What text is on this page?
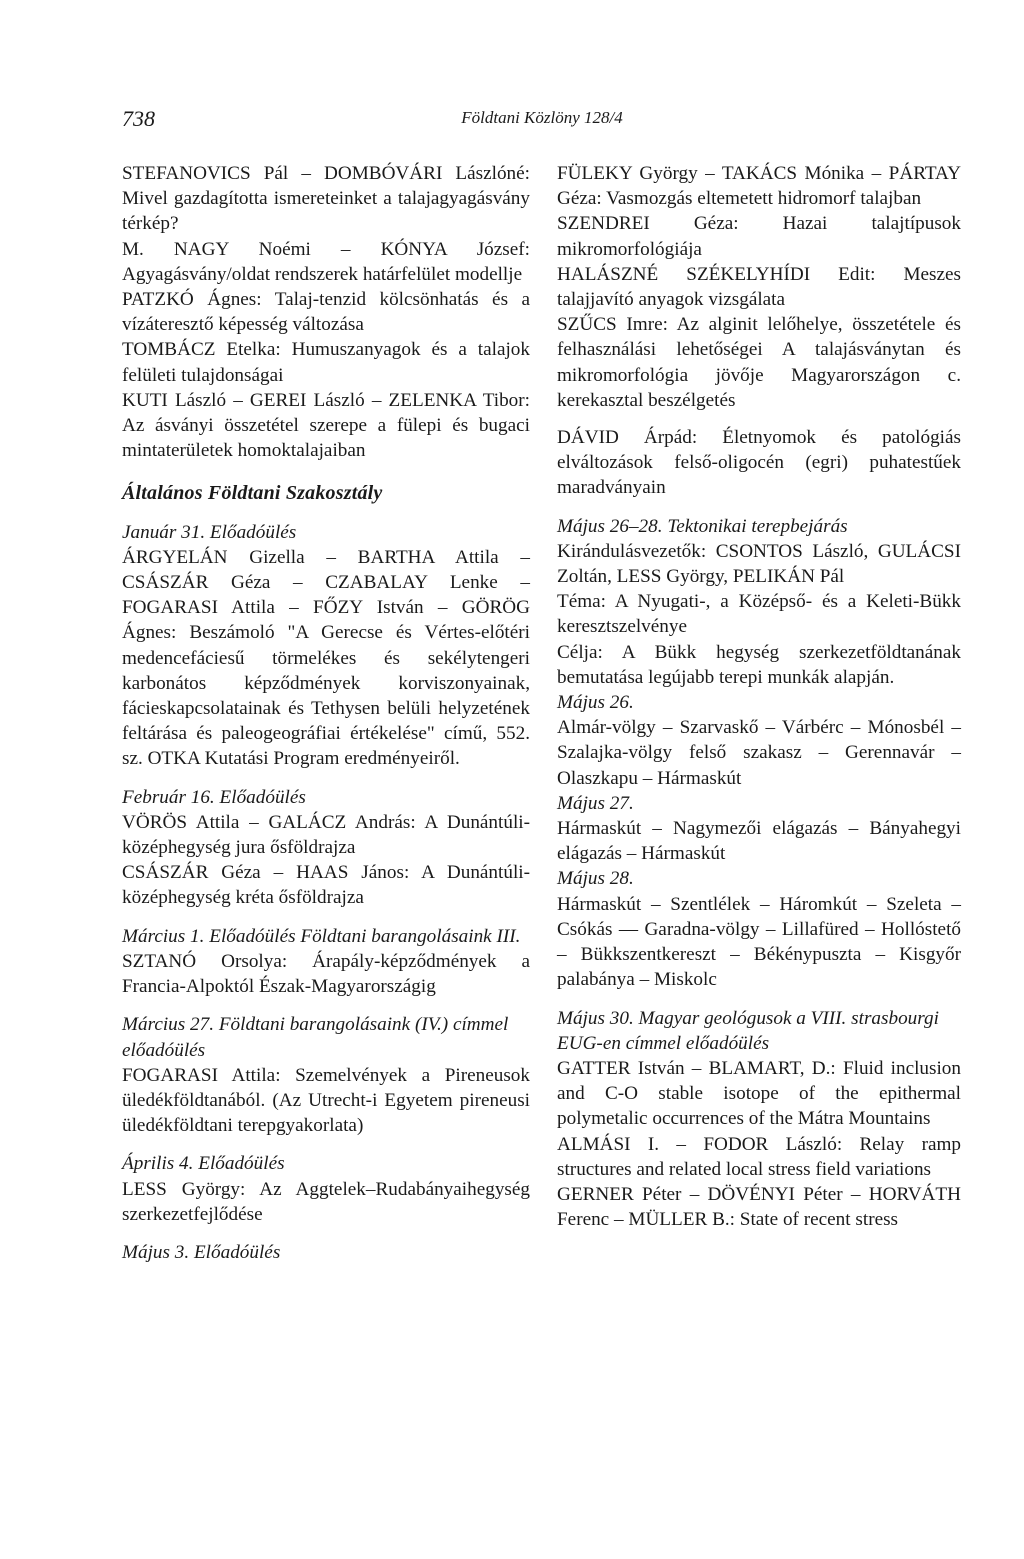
738	Földtani Közlöny 128/4
STEFANOVICS Pál – DOMBÓVÁRI Lászlóné: Mivel gazdagította ismereteinket a talajagyagásvány térkép?
M. NAGY Noémi – KÓNYA József: Agyagásvány/oldat rendszerek határfelület modellje
PATZKÓ Ágnes: Talaj-tenzid kölcsönhatás és a vízáteresztő képesség változása
TOMBÁCZ Etelka: Humuszanyagok és a talajok felületi tulajdonságai
KUTI László – GEREI László – ZELENKA Tibor: Az ásványi összetétel szerepe a fülepi és bugaci mintaterületek homoktalajaiban
Általános Földtani Szakosztály
Január 31. Előadóülés
ÁRGYELÁN Gizella – BARTHA Attila – CSÁSZÁR Géza – CZABALAY Lenke – FOGARASI Attila – FŐZY István – GÖRÖG Ágnes: Beszámoló "A Gerecse és Vértes-előtéri medencefáciesű törmelékes és sekélytengeri karbonátos képződmények korviszonyainak, fácieskapcsolatainak és Tethysen belüli helyzetének feltárása és paleogeográfiai értékelése" című, 552. sz. OTKA Kutatási Program eredményeiről.
Február 16. Előadóülés
VÖRÖS Attila – GALÁCZ András: A Dunántúli-középhegység jura ősföldrajza
CSÁSZÁR Géza – HAAS János: A Dunántúli-középhegység kréta ősföldrajza
Március 1. Előadóülés Földtani barangolásaink III.
SZTANÓ Orsolya: Árapály-képződmények a Francia-Alpoktól Észak-Magyarországig
Március 27. Földtani barangolásaink (IV.) címmel előadóülés
FOGARASI Attila: Szemelvények a Pireneusok üledékföldtanából. (Az Utrecht-i Egyetem pireneusi üledékföldtani terepgyakorlata)
Április 4. Előadóülés
LESS György: Az Aggtelek–Rudabányaihegység szerkezetfejlődése
Május 3. Előadóülés
FÜLEKY György – TAKÁCS Mónika – PÁRTAY Géza: Vasmozgás eltemetett hidromorf talajban
SZENDREI Géza: Hazai talajtípusok mikromorfológiája
HALÁSZNÉ SZÉKELYHÍDI Edit: Meszes talajjavító anyagok vizsgálata
SZŰCS Imre: Az alginit lelőhelye, összetétele és felhasználási lehetőségei A talajásványtan és mikromorfológia jövője Magyarországon c. kerekasztal beszélgetés
DÁVID Árpád: Életnyomok és patológiás elváltozások felső-oligocén (egri) puhatestűek maradványain
Május 26–28. Tektonikai terepbejárás
Kirándulásvezetők: CSONTOS László, GULÁCSI Zoltán, LESS György, PELIKÁN Pál
Téma: A Nyugati-, a Középső- és a Keleti-Bükk keresztszelvénye
Célja: A Bükk hegység szerkezetföldtanának bemutatása legújabb terepi munkák alapján.
Május 26.
Almár-völgy – Szarvaskő – Várbérc – Mónosbél – Szalajka-völgy felső szakasz – Gerennavár – Olaszkapu – Hármaskút
Május 27.
Hármaskút – Nagymezői elágazás – Bányahegyi elágazás – Hármaskút
Május 28.
Hármaskút – Szentlélek – Háromkút – Szeleta – Csókás — Garadna-völgy – Lillafüred – Hollóstető – Bükkszentkereszt – Békénypuszta – Kisgyőr palabánya – Miskolc
Május 30. Magyar geológusok a VIII. strasbourgi EUG-en címmel előadóülés
GATTER István – BLAMART, D.: Fluid inclusion and C-O stable isotope of the epithermal polymetalic occurrences of the Mátra Mountains
ALMÁSI I. – FODOR László: Relay ramp structures and related local stress field variations
GERNER Péter – DÖVÉNYI Péter – HORVÁTH Ferenc – MÜLLER B.: State of recent stress
